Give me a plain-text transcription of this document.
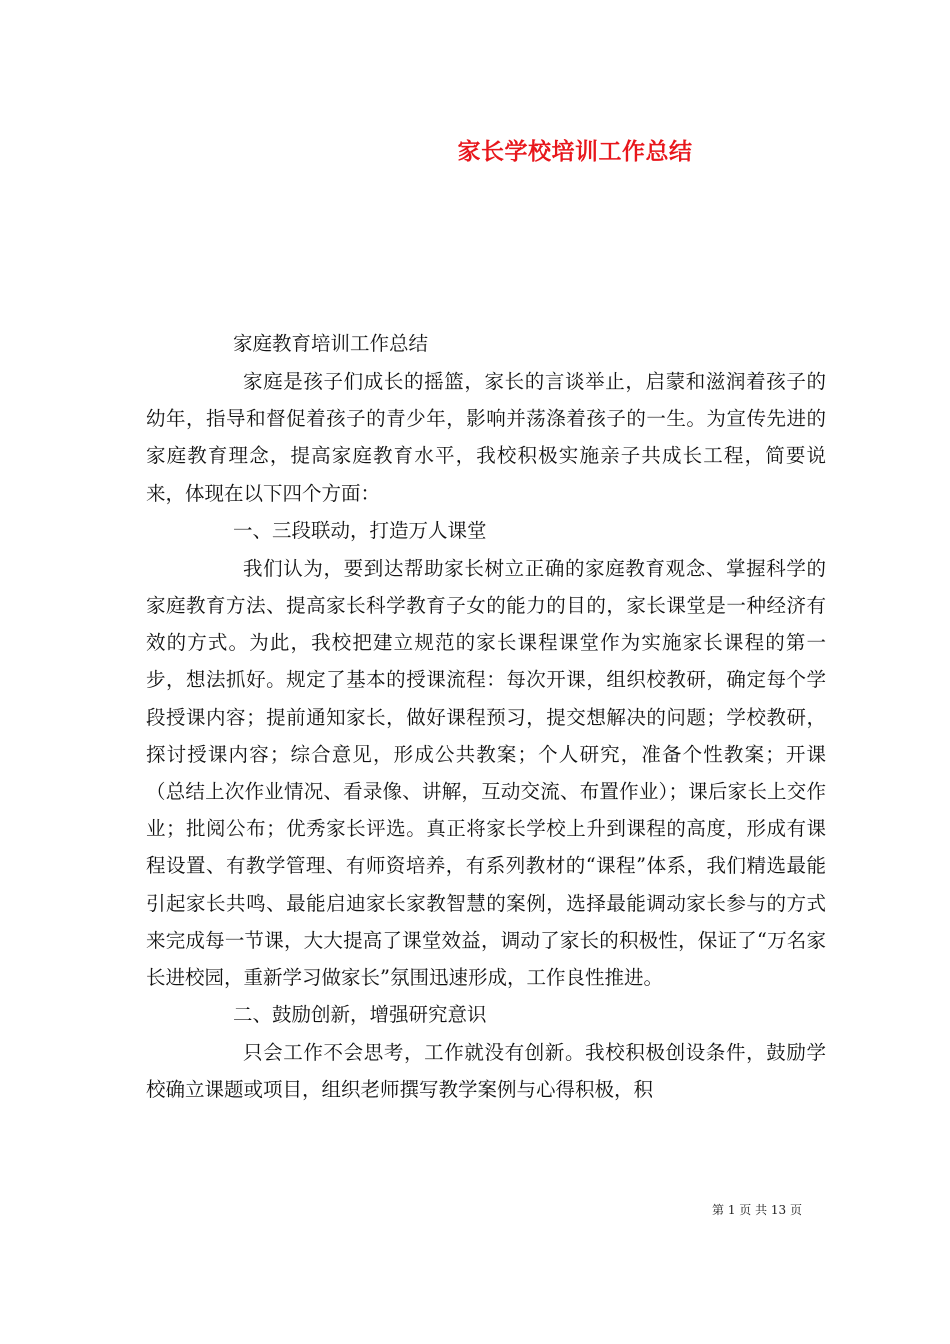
家长学校培训工作总结
家庭教育培训工作总结

家庭是孩子们成长的摇篮，家长的言谈举止，启蒙和滋润着孩子的幼年，指导和督促着孩子的青少年，影响并荡涤着孩子的一生。为宣传先进的家庭教育理念，提高家庭教育水平，我校积极实施亲子共成长工程，简要说来，体现在以下四个方面：

一、三段联动，打造万人课堂

我们认为，要到达帮助家长树立正确的家庭教育观念、掌握科学的家庭教育方法、提高家长科学教育子女的能力的目的，家长课堂是一种经济有效的方式。为此，我校把建立规范的家长课程课堂作为实施家长课程的第一步，想法抓好。规定了基本的授课流程：每次开课，组织校教研，确定每个学段授课内容；提前通知家长，做好课程预习，提交想解决的问题；学校教研，探讨授课内容；综合意见，形成公共教案；个人研究，准备个性教案；开课（总结上次作业情况、看录像、讲解，互动交流、布置作业）；课后家长上交作业；批阅公布；优秀家长评选。真正将家长学校上升到课程的高度，形成有课程设置、有教学管理、有师资培养，有系列教材的“课程”体系，我们精选最能引起家长共鸣、最能启迪家长家教智慧的案例，选择最能调动家长参与的方式来完成每一节课，大大提高了课堂效益，调动了家长的积极性，保证了“万名家长进校园，重新学习做家长”氛围迅速形成，工作良性推进。

二、鼓励创新，增强研究意识

只会工作不会思考，工作就没有创新。我校积极创设条件，鼓励学校确立课题或项目，组织老师撰写教学案例与心得积极，积

第 1 页 共 13 页
